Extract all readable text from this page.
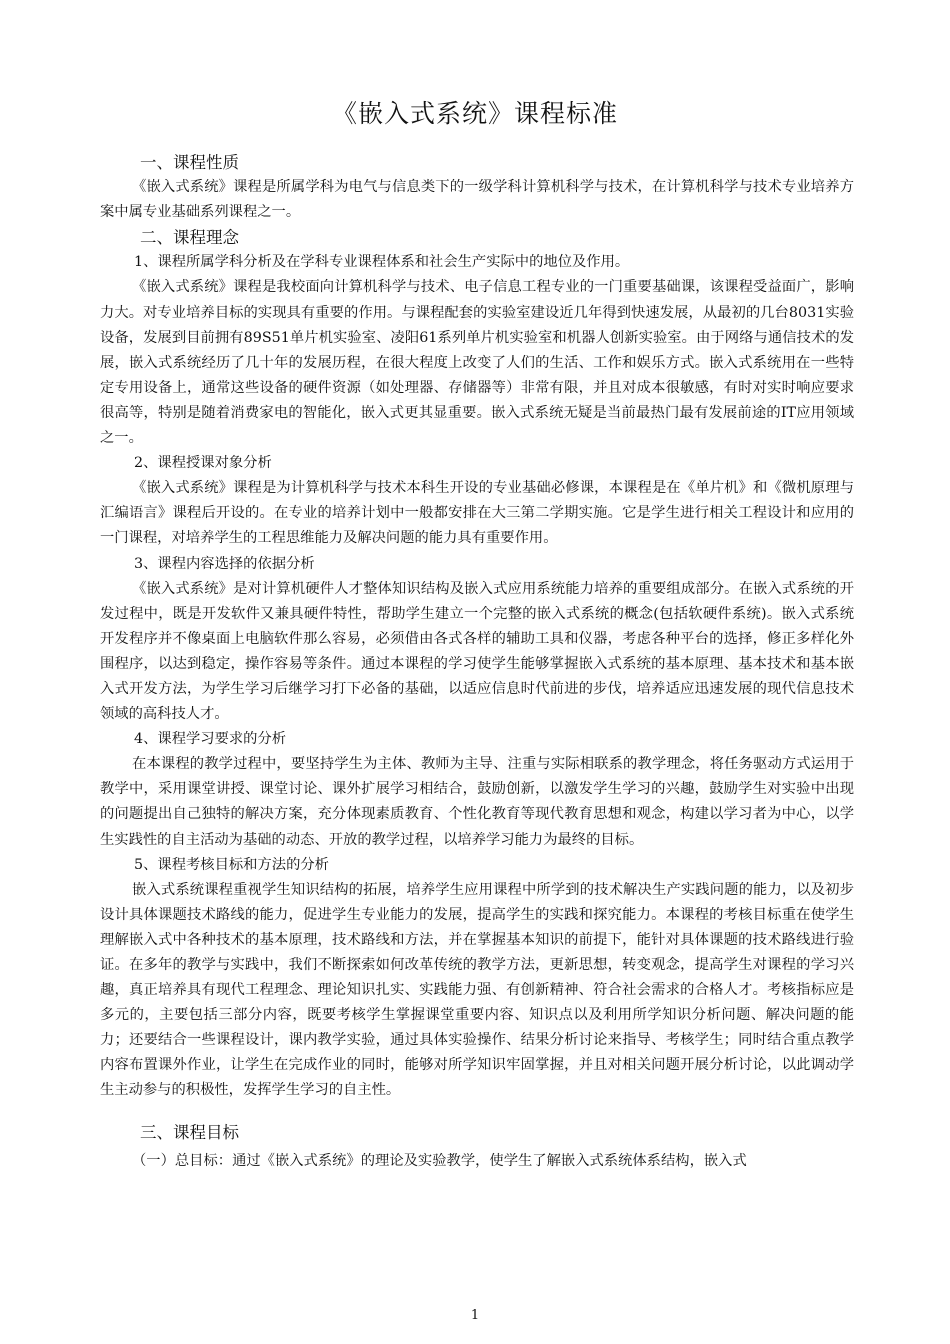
《嵌入式系统》课程标准

一、课程性质

《嵌入式系统》课程是所属学科为电气与信息类下的一级学科计算机科学与技术，在计算机科学与技术专业培养方案中属专业基础系列课程之一。

二、课程理念

1、课程所属学科分析及在学科专业课程体系和社会生产实际中的地位及作用。

《嵌入式系统》课程是我校面向计算机科学与技术、电子信息工程专业的一门重要基础课，该课程受益面广，影响力大。对专业培养目标的实现具有重要的作用。与课程配套的实验室建设近几年得到快速发展，从最初的几台8031实验设备，发展到目前拥有89S51单片机实验室、凌阳61系列单片机实验室和机器人创新实验室。由于网络与通信技术的发展，嵌入式系统经历了几十年的发展历程，在很大程度上改变了人们的生活、工作和娱乐方式。嵌入式系统用在一些特定专用设备上，通常这些设备的硬件资源（如处理器、存储器等）非常有限，并且对成本很敏感，有时对实时响应要求很高等，特别是随着消费家电的智能化，嵌入式更其显重要。嵌入式系统无疑是当前最热门最有发展前途的IT应用领域之一。

2、课程授课对象分析

《嵌入式系统》课程是为计算机科学与技术本科生开设的专业基础必修课，本课程是在《单片机》和《微机原理与汇编语言》课程后开设的。在专业的培养计划中一般都安排在大三第二学期实施。它是学生进行相关工程设计和应用的一门课程，对培养学生的工程思维能力及解决问题的能力具有重要作用。

3、课程内容选择的依据分析

《嵌入式系统》是对计算机硬件人才整体知识结构及嵌入式应用系统能力培养的重要组成部分。在嵌入式系统的开发过程中，既是开发软件又兼具硬件特性，帮助学生建立一个完整的嵌入式系统的概念(包括软硬件系统)。嵌入式系统开发程序并不像桌面上电脑软件那么容易，必须借由各式各样的辅助工具和仪器，考虑各种平台的选择，修正多样化外围程序，以达到稳定，操作容易等条件。通过本课程的学习使学生能够掌握嵌入式系统的基本原理、基本技术和基本嵌入式开发方法，为学生学习后继学习打下必备的基础，以适应信息时代前进的步伐，培养适应迅速发展的现代信息技术领域的高科技人才。

4、课程学习要求的分析

在本课程的教学过程中，要坚持学生为主体、教师为主导、注重与实际相联系的教学理念，将任务驱动方式运用于教学中，采用课堂讲授、课堂讨论、课外扩展学习相结合，鼓励创新，以激发学生学习的兴趣，鼓励学生对实验中出现的问题提出自己独特的解决方案，充分体现素质教育、个性化教育等现代教育思想和观念，构建以学习者为中心，以学生实践性的自主活动为基础的动态、开放的教学过程，以培养学习能力为最终的目标。

5、课程考核目标和方法的分析

嵌入式系统课程重视学生知识结构的拓展，培养学生应用课程中所学到的技术解决生产实践问题的能力，以及初步设计具体课题技术路线的能力，促进学生专业能力的发展，提高学生的实践和探究能力。本课程的考核目标重在使学生理解嵌入式中各种技术的基本原理，技术路线和方法，并在掌握基本知识的前提下，能针对具体课题的技术路线进行验证。在多年的教学与实践中，我们不断探索如何改革传统的教学方法，更新思想，转变观念，提高学生对课程的学习兴趣，真正培养具有现代工程理念、理论知识扎实、实践能力强、有创新精神、符合社会需求的合格人才。考核指标应是多元的，主要包括三部分内容，既要考核学生掌握课堂重要内容、知识点以及利用所学知识分析问题、解决问题的能力；还要结合一些课程设计，课内教学实验，通过具体实验操作、结果分析讨论来指导、考核学生；同时结合重点教学内容布置课外作业，让学生在完成作业的同时，能够对所学知识牢固掌握，并且对相关问题开展分析讨论，以此调动学生主动参与的积极性，发挥学生学习的自主性。

三、课程目标

（一）总目标：通过《嵌入式系统》的理论及实验教学，使学生了解嵌入式系统体系结构，嵌入式

1
